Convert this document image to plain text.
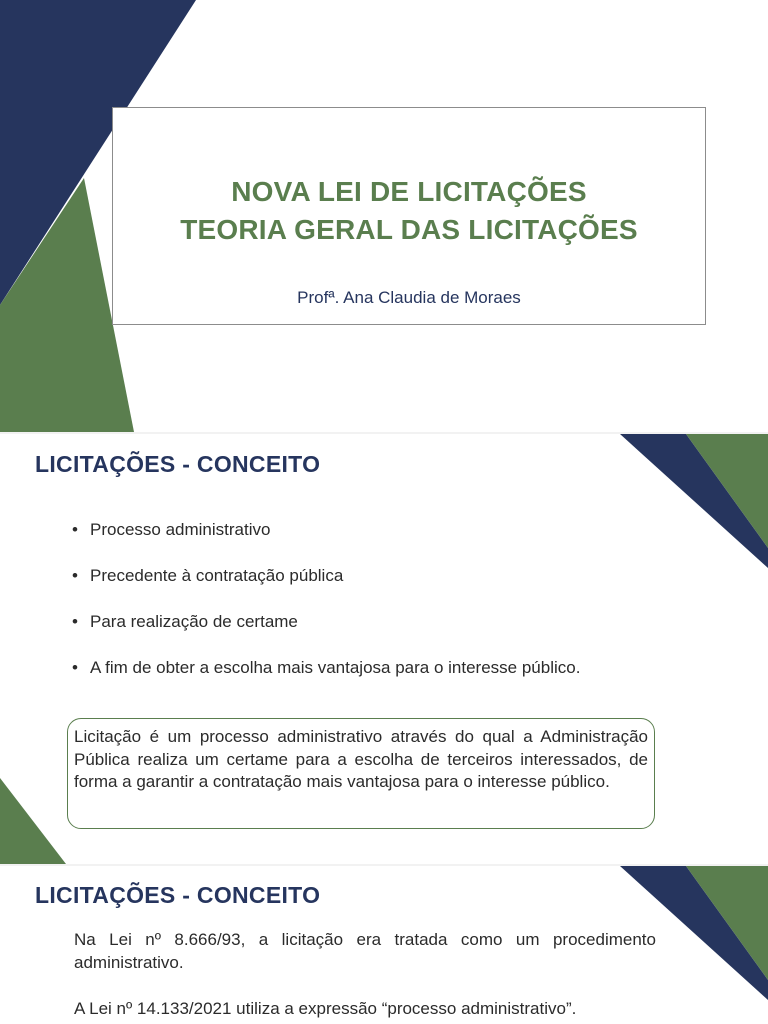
NOVA LEI DE LICITAÇÕES
TEORIA GERAL DAS LICITAÇÕES
Profª. Ana Claudia de Moraes
LICITAÇÕES - CONCEITO
• Processo administrativo
• Precedente à contratação pública
• Para realização de certame
• A fim de obter a escolha mais vantajosa para o interesse público.
Licitação é um processo administrativo através do qual a Administração Pública realiza um certame para a escolha de terceiros interessados, de forma a garantir a contratação mais vantajosa para o interesse público.
LICITAÇÕES - CONCEITO
Na Lei nº 8.666/93, a licitação era tratada como um procedimento administrativo.
A Lei nº 14.133/2021 utiliza a expressão “processo administrativo”.
